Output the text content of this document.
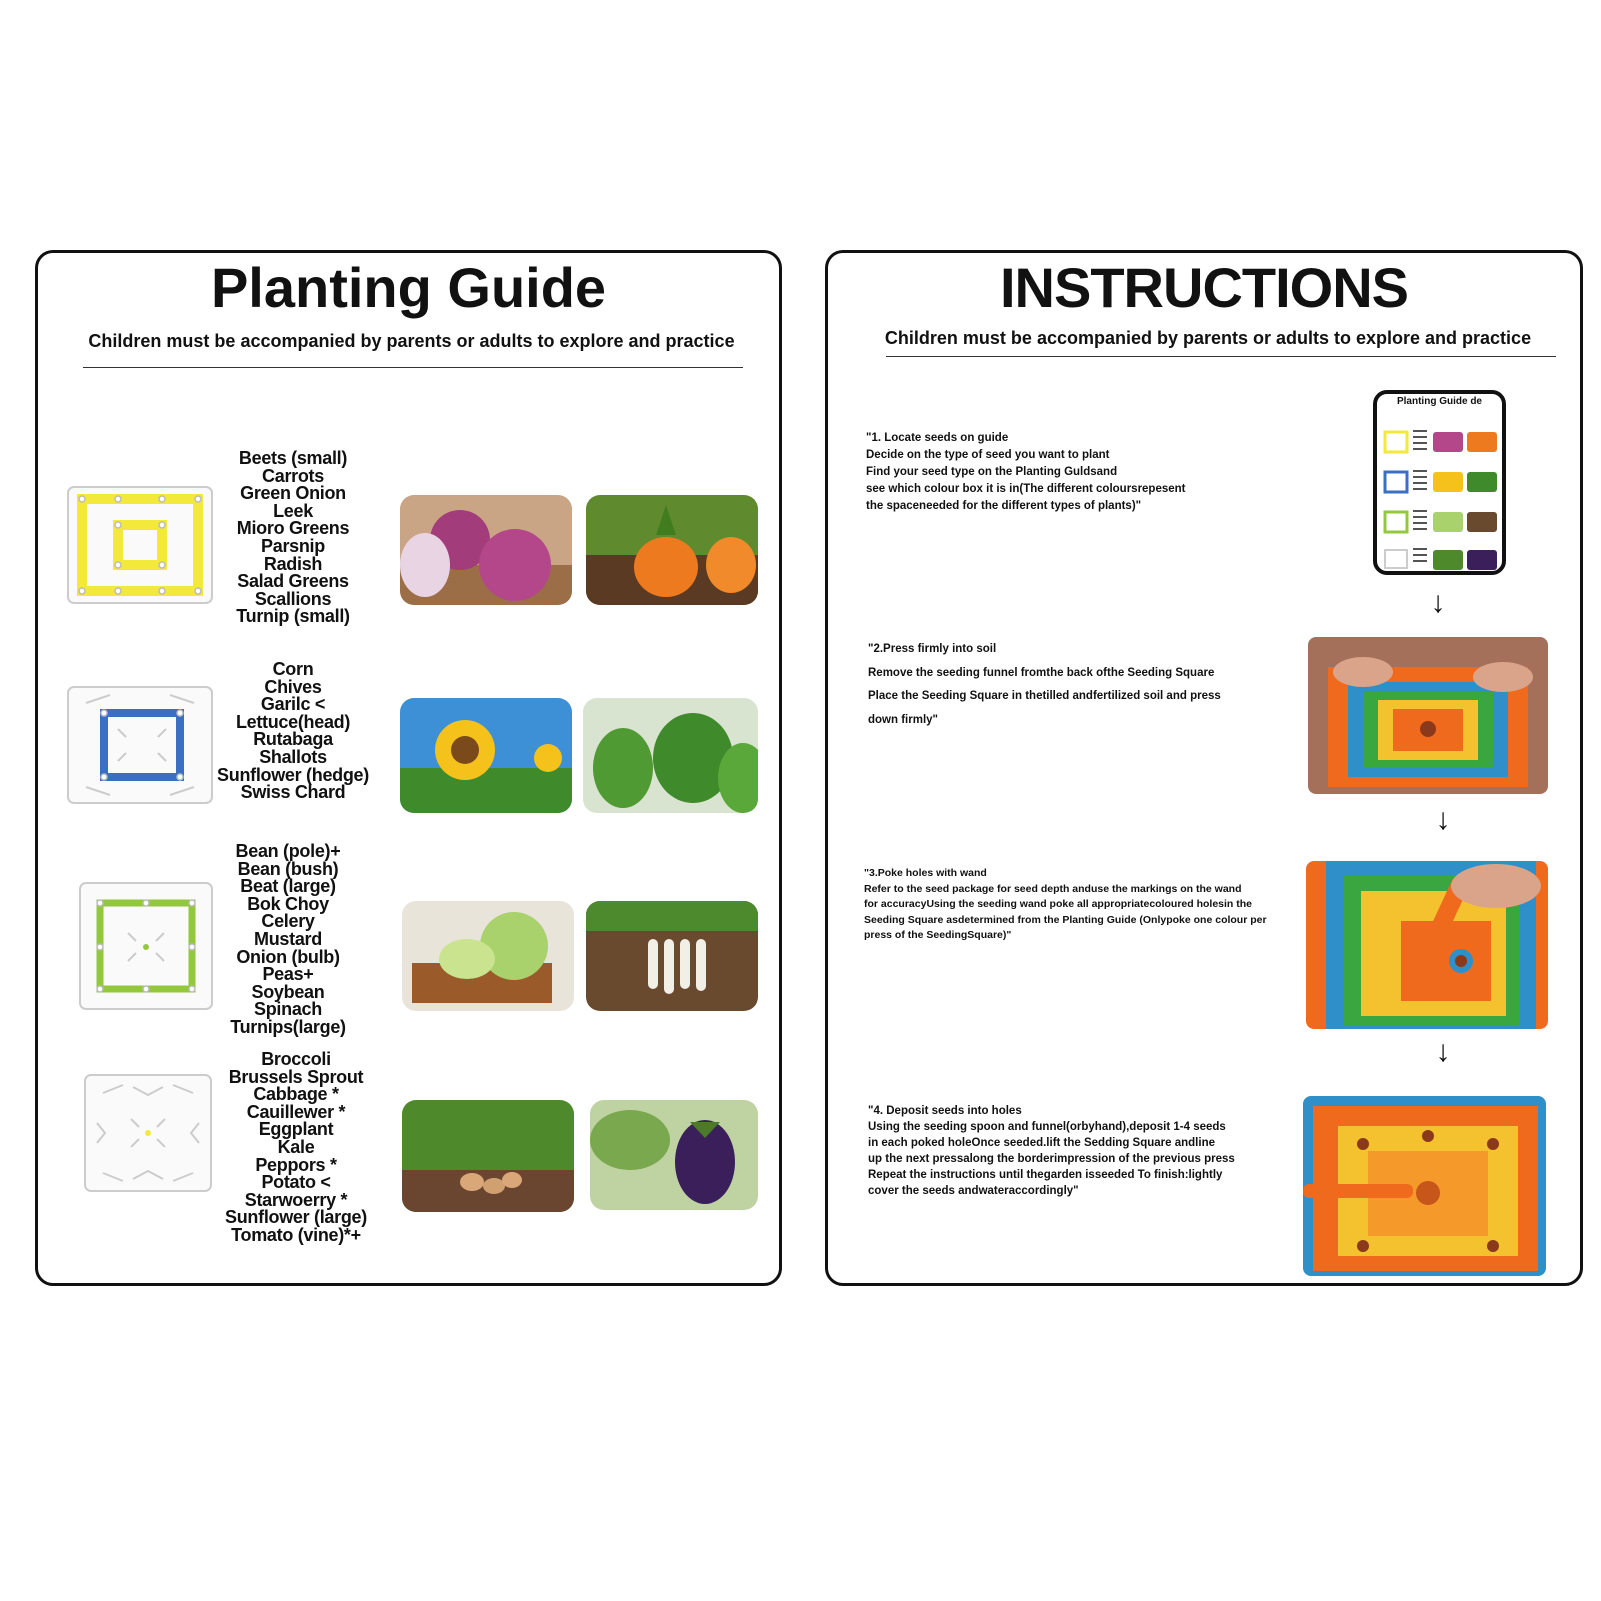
Planting Guide
Children must be accompanied by parents or adults to explore and practice
Beets (small)
Carrots
Green Onion
Leek
Mioro Greens
Parsnip
Radish
Salad Greens
Scallions
Turnip (small)
Corn
Chives
Garilc <
Lettuce(head)
Rutabaga
Shallots
Sunflower (hedge)
Swiss Chard
Bean (pole)+
Bean (bush)
Beat (large)
Bok Choy
Celery
Mustard
Onion (bulb)
Peas+
Soybean
Spinach
Turnips(large)
Broccoli
Brussels Sprout
Cabbage *
Cauillewer *
Eggplant
Kale
Peppors *
Potato <
Starwoerry *
Sunflower (large)
Tomato (vine)*+
INSTRUCTIONS
Children must be accompanied by parents or adults to explore and practice
Planting Guide de
"1. Locate seeds on guide
Decide on the type of seed you want to plant
Find your seed type on the Planting Guldsand
see which colour box it is in(The different coloursrepesent
the spaceneeded for the different types of plants)"
↓
"2.Press firmly into soil
Remove the seeding funnel fromthe back ofthe Seeding Square
Place the Seeding Square in thetilled andfertilized soil and press
down firmly"
↓
"3.Poke holes with wand
Refer to the seed package for seed depth anduse the markings on the wand
for accuracyUsing the seeding wand poke all appropriatecoloured holesin the
Seeding Square asdetermined from the Planting Guide (Onlypoke one colour per
press of the SeedingSquare)"
↓
"4. Deposit seeds into holes
Using the seeding spoon and funnel(orbyhand),deposit 1-4 seeds
in each poked holeOnce seeded.lift the Sedding Square andline
up the next pressalong the borderimpression of the previous press
Repeat the instructions until thegarden isseeded To finish:lightly
cover the seeds andwateraccordingly"
